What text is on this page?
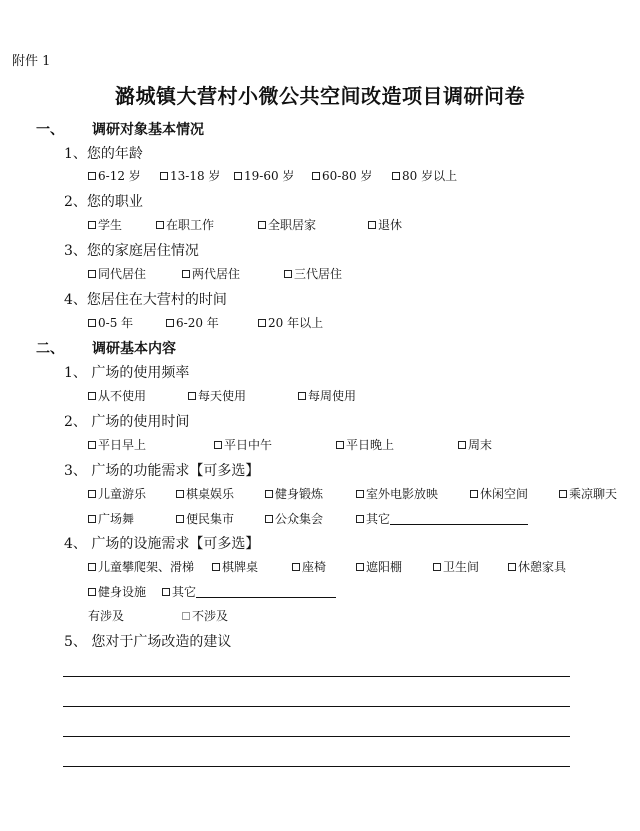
附件 1
潞城镇大营村小微公共空间改造项目调研问卷
一、 调研对象基本情况
1、您的年龄
6-12 岁	13-18 岁	19-60 岁	60-80 岁	80 岁以上
2、您的职业
学生	在职工作	全职居家	退休
3、您的家庭居住情况
同代居住	两代居住	三代居住
4、您居住在大营村的时间
0-5 年	6-20 年	20 年以上
二、 调研基本内容
1、 广场的使用频率
从不使用	每天使用	每周使用
2、 广场的使用时间
平日早上	平日中午	平日晚上	周末
3、 广场的功能需求【可多选】
儿童游乐	棋桌娱乐	健身锻炼	室外电影放映	休闲空间	乘凉聊天
广场舞	便民集市	公众集会	其它
4、 广场的设施需求【可多选】
儿童攀爬架、滑梯	棋牌桌	座椅	遮阳棚	卫生间	休憩家具
健身设施	其它
有涉及	不涉及
5、 您对于广场改造的建议
